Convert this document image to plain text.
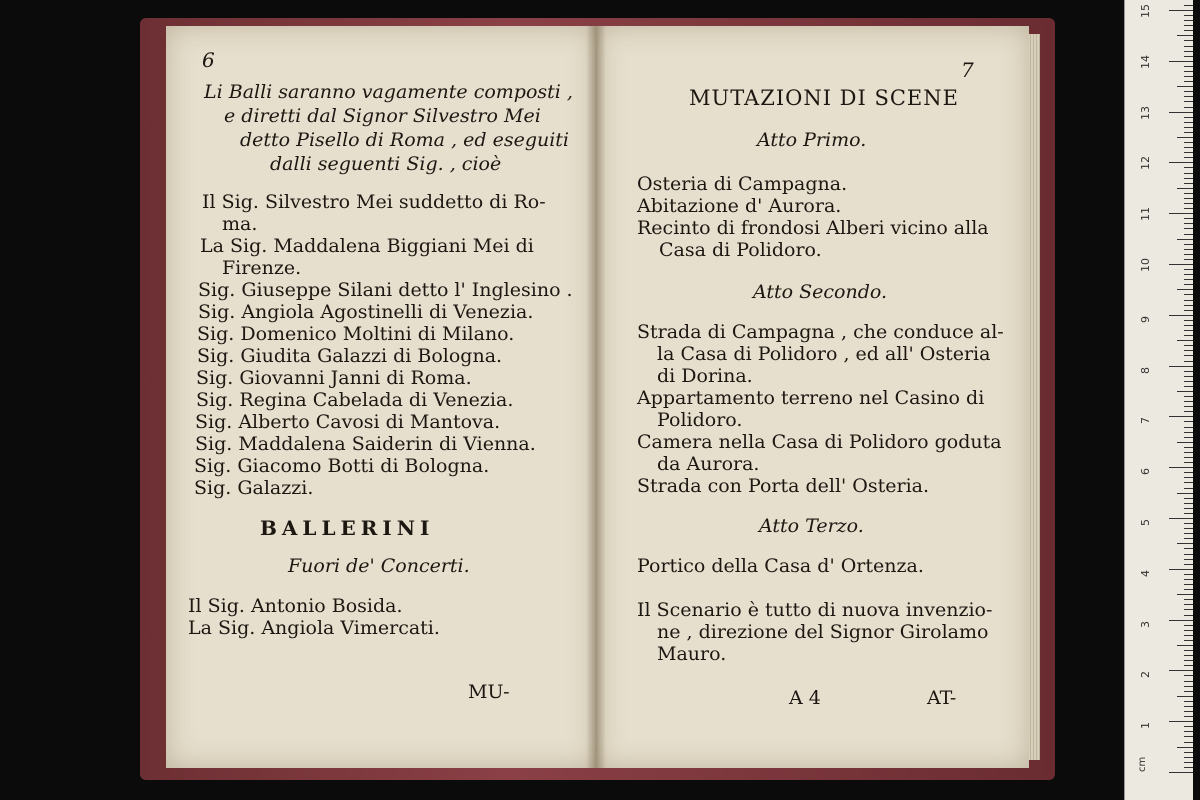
6
Li Balli saranno vagamente composti ,
e diretti dal Signor Silvestro Mei
detto Pisello di Roma , ed eseguiti
dalli seguenti Sig. , cioè
Il Sig. Silvestro Mei suddetto di Ro-
ma.
La Sig. Maddalena Biggiani Mei di
Firenze.
Sig. Giuseppe Silani detto l' Inglesino .
Sig. Angiola Agostinelli di Venezia.
Sig. Domenico Moltini di Milano.
Sig. Giudita Galazzi di Bologna.
Sig. Giovanni Janni di Roma.
Sig. Regina Cabelada di Venezia.
Sig. Alberto Cavosi di Mantova.
Sig. Maddalena Saiderin di Vienna.
Sig. Giacomo Botti di Bologna.
Sig. Galazzi.
BALLERINI
Fuori de' Concerti.
Il Sig. Antonio Bosida.
La Sig. Angiola Vimercati.
MU-
7
MUTAZIONI DI SCENE
Atto Primo.
Osteria di Campagna.
Abitazione d' Aurora.
Recinto di frondosi Alberi vicino alla
Casa di Polidoro.
Atto Secondo.
Strada di Campagna , che conduce al-
la Casa di Polidoro , ed all' Osteria
di Dorina.
Appartamento terreno nel Casino di
Polidoro.
Camera nella Casa di Polidoro goduta
da Aurora.
Strada con Porta dell' Osteria.
Atto Terzo.
Portico della Casa d' Ortenza.
Il Scenario è tutto di nuova invenzio-
ne , direzione del Signor Girolamo
Mauro.
A 4	AT-
cm
1
2
3
4
5
6
7
8
9
10
11
12
13
14
15
